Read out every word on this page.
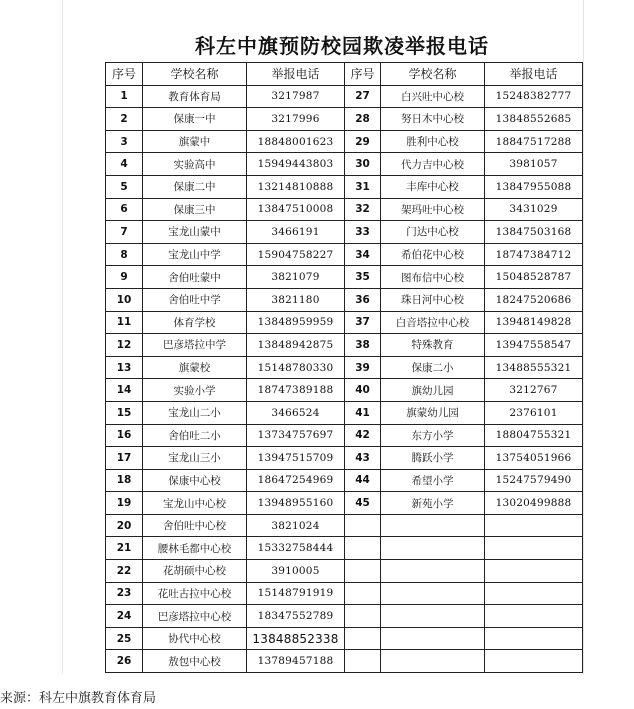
科左中旗预防校园欺凌举报电话
序号	学校名称	举报电话	序号	学校名称	举报电话
1	教育体育局	3217987	27	白兴吐中心校	15248382777
2	保康一中	3217996	28	努日木中心校	13848552685
3	旗蒙中	18848001623	29	胜利中心校	18847517288
4	实验高中	15949443803	30	代力吉中心校	3981057
5	保康二中	13214810888	31	丰库中心校	13847955088
6	保康三中	13847510008	32	架玛吐中心校	3431029
7	宝龙山蒙中	3466191	33	门达中心校	13847503168
8	宝龙山中学	15904758227	34	希伯花中心校	18747384712
9	舍伯吐蒙中	3821079	35	图布信中心校	15048528787
10	舍伯吐中学	3821180	36	珠日河中心校	18247520686
11	体育学校	13848959959	37	白音塔拉中心校	13948149828
12	巴彦塔拉中学	13848942875	38	特殊教育	13947558547
13	旗蒙校	15148780330	39	保康二小	13488555321
14	实验小学	18747389188	40	旗幼儿园	3212767
15	宝龙山二小	3466524	41	旗蒙幼儿园	2376101
16	舍伯吐二小	13734757697	42	东方小学	18804755321
17	宝龙山三小	13947515709	43	腾跃小学	13754051966
18	保康中心校	18647254969	44	希望小学	15247579490
19	宝龙山中心校	13948955160	45	新苑小学	13020499888
20	舍伯吐中心校	3821024			
21	腰林毛都中心校	15332758444			
22	花胡硕中心校	3910005			
23	花吐古拉中心校	15148791919			
24	巴彦塔拉中心校	18347552789			
25	协代中心校	13848852338			
26	敖包中心校	13789457188			
来源：科左中旗教育体育局
